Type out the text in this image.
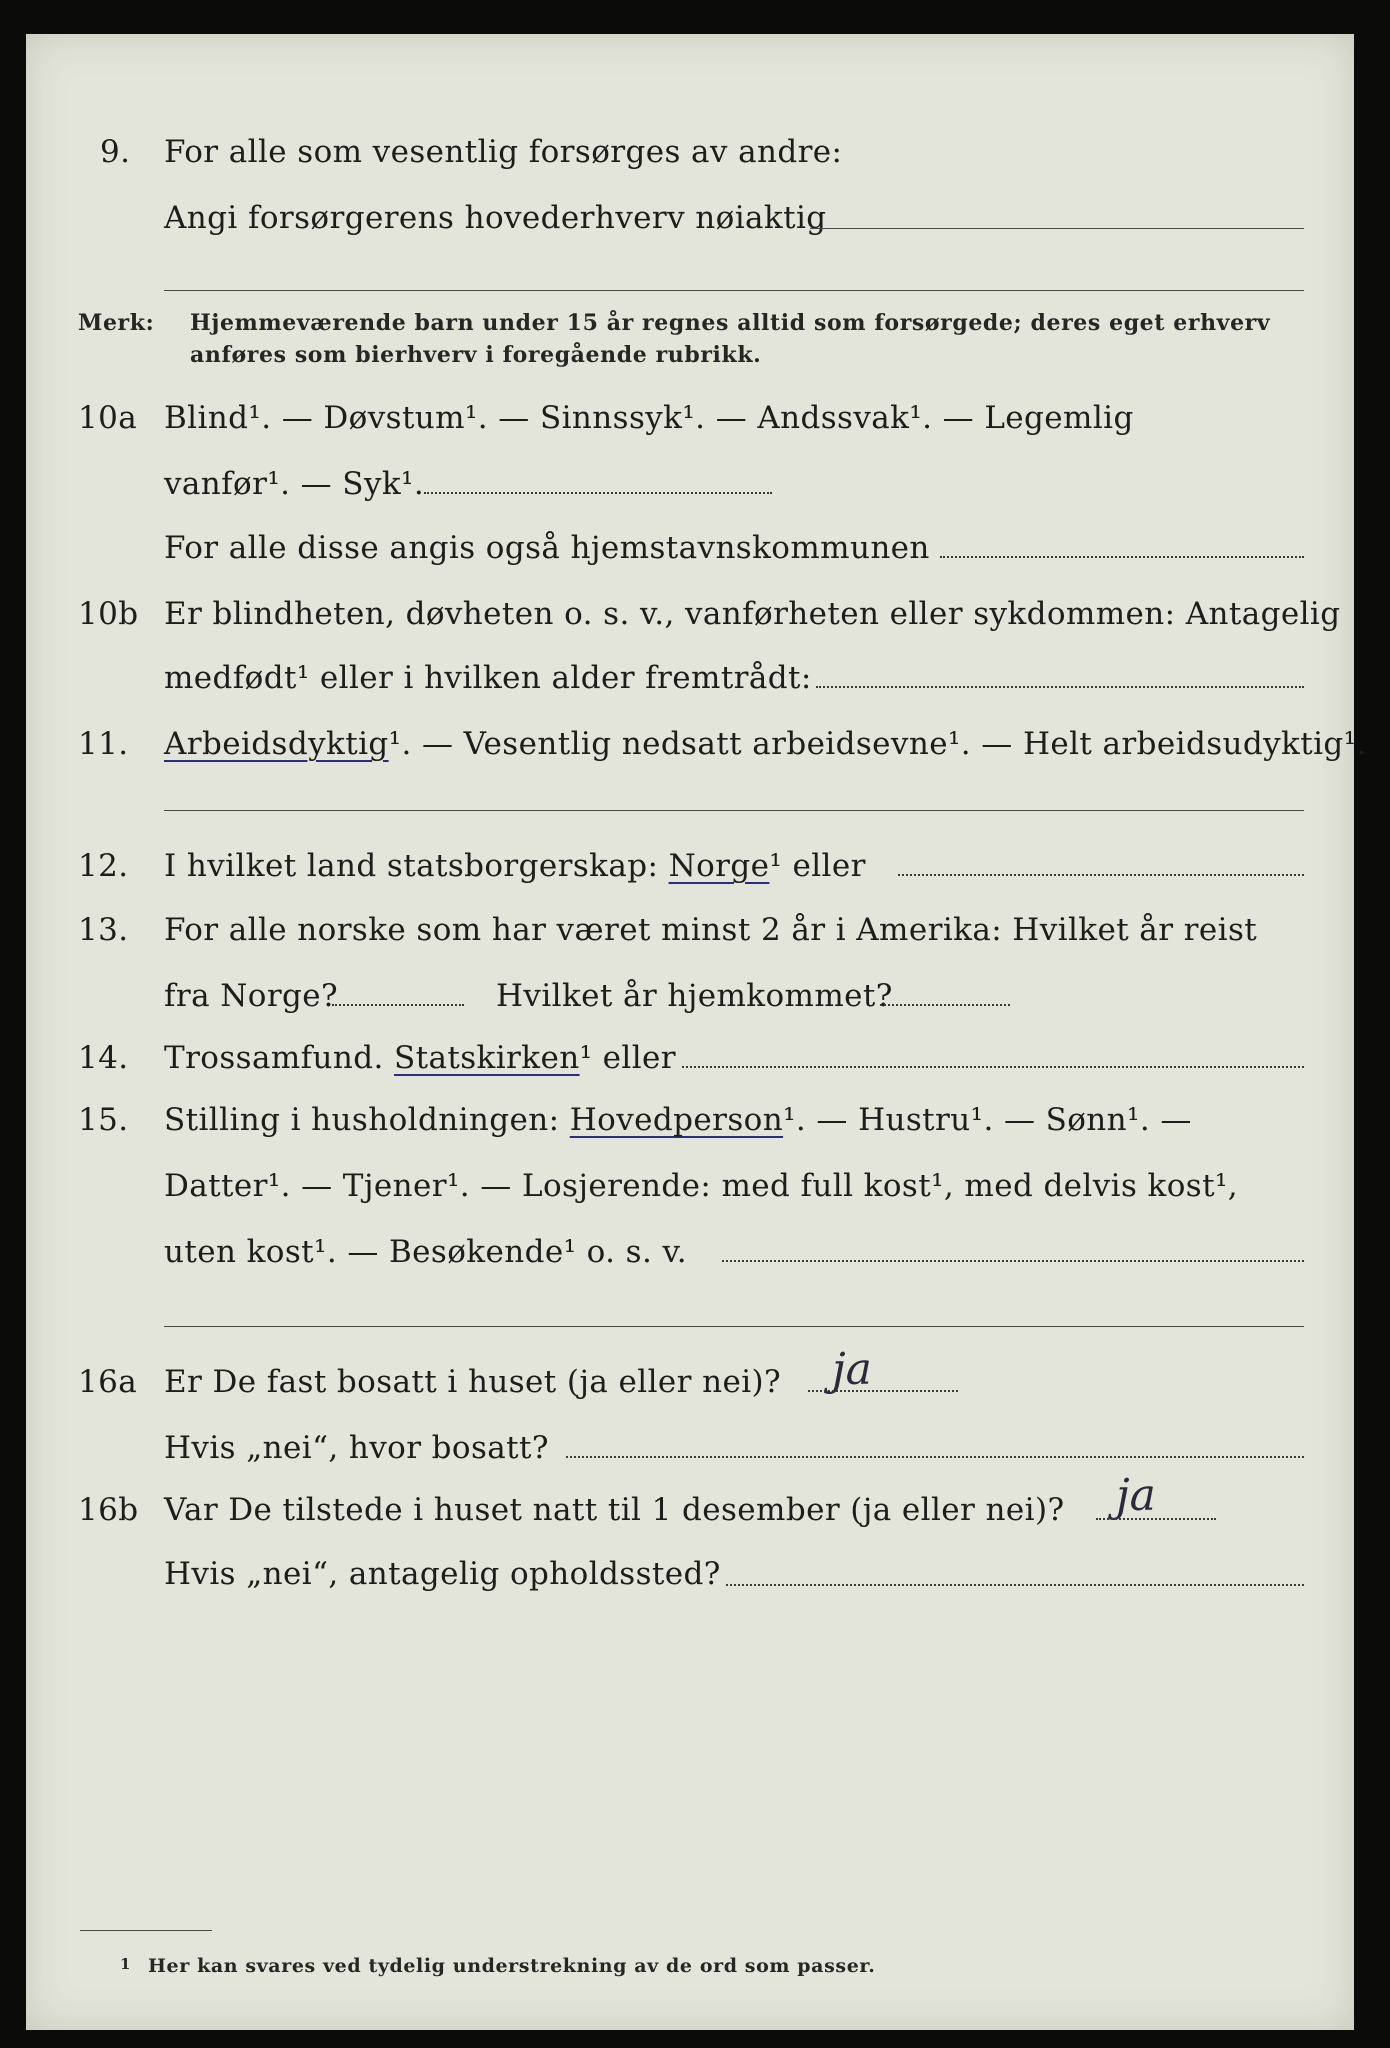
9. For alle som vesentlig forsørges av andre:
Angi forsørgerens hovederhverv nøiaktig
Merk: Hjemmeværende barn under 15 år regnes alltid som forsørgede; deres eget erhverv
anføres som bierhverv i foregående rubrikk.
10a Blind¹. — Døvstum¹. — Sinnssyk¹. — Andssvak¹. — Legemlig
vanfør¹. — Syk¹.
For alle disse angis også hjemstavnskommunen
10b Er blindheten, døvheten o. s. v., vanførheten eller sykdommen: Antagelig
medfødt¹ eller i hvilken alder fremtrådt:
11. Arbeidsdyktig¹. — Vesentlig nedsatt arbeidsevne¹. — Helt arbeidsudyktig¹.
12. I hvilket land statsborgerskap: Norge¹ eller
13. For alle norske som har været minst 2 år i Amerika: Hvilket år reist
fra Norge?	Hvilket år hjemkommet?
14. Trossamfund. Statskirken¹ eller
15. Stilling i husholdningen: Hovedperson¹. — Hustru¹. — Sønn¹. —
Datter¹. — Tjener¹. — Losjerende: med full kost¹, med delvis kost¹,
uten kost¹. — Besøkende¹ o. s. v.
16a Er De fast bosatt i huset (ja eller nei)? ja
Hvis „nei“, hvor bosatt?
16b Var De tilstede i huset natt til 1 desember (ja eller nei)? ja
Hvis „nei“, antagelig opholdssted?
1 Her kan svares ved tydelig understrekning av de ord som passer.
